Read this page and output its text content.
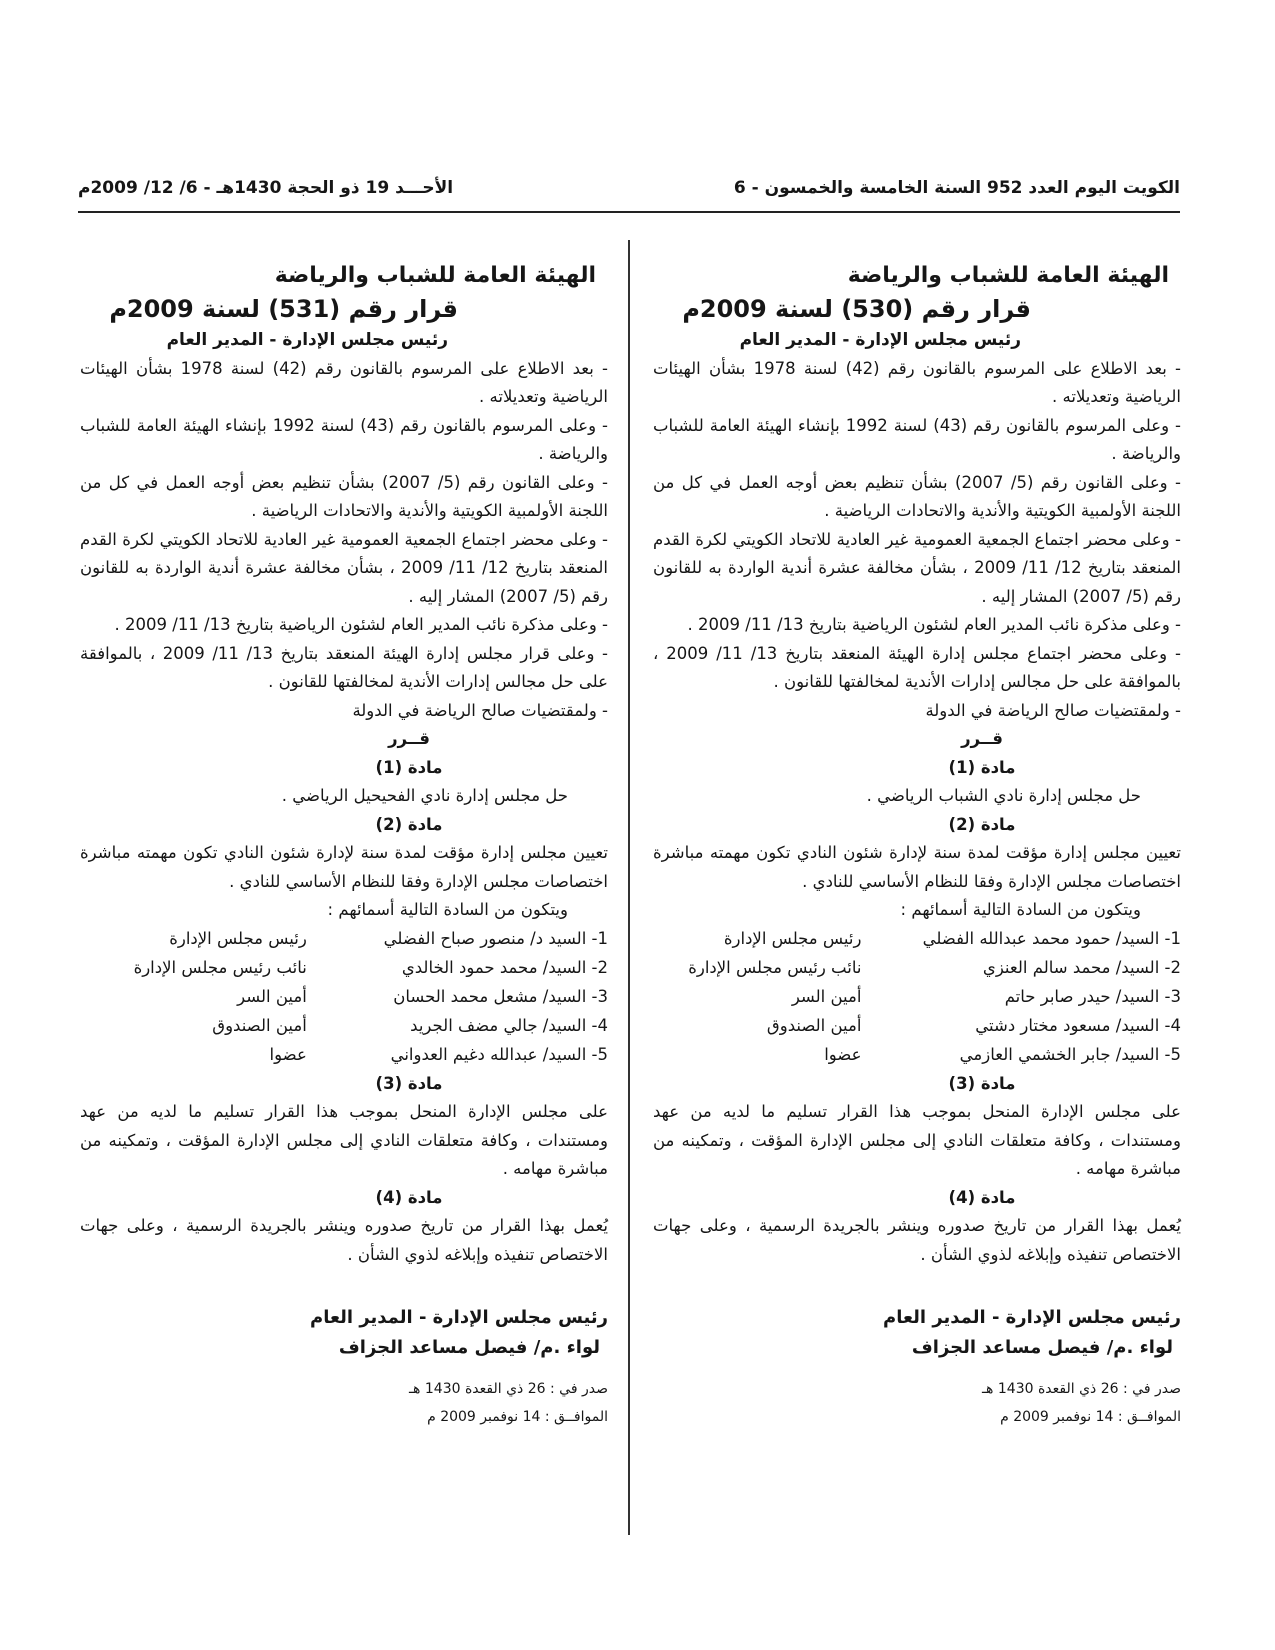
الكويت اليوم العدد 952 السنة الخامسة والخمسون - 6
الأحـــد 19 ذو الحجة 1430هـ - 6/ 12/ 2009م
الهيئة العامة للشباب والرياضة
قرار رقم (530) لسنة 2009م
رئيس مجلس الإدارة - المدير العام
- بعد الاطلاع على المرسوم بالقانون رقم (42) لسنة 1978 بشأن الهيئات الرياضية وتعديلاته .
- وعلى المرسوم بالقانون رقم (43) لسنة 1992 بإنشاء الهيئة العامة للشباب والرياضة .
- وعلى القانون رقم (5/ 2007) بشأن تنظيم بعض أوجه العمل في كل من اللجنة الأولمبية الكويتية والأندية والاتحادات الرياضية .
- وعلى محضر اجتماع الجمعية العمومية غير العادية للاتحاد الكويتي لكرة القدم المنعقد بتاريخ 12/ 11/ 2009 ، بشأن مخالفة عشرة أندية الواردة به للقانون رقم (5/ 2007) المشار إليه .
- وعلى مذكرة نائب المدير العام لشئون الرياضية بتاريخ 13/ 11/ 2009 .
- وعلى محضر اجتماع مجلس إدارة الهيئة المنعقد بتاريخ 13/ 11/ 2009 ، بالموافقة على حل مجالس إدارات الأندية لمخالفتها للقانون .
- ولمقتضيات صالح الرياضة في الدولة
قــرر
مادة (1)
حل مجلس إدارة نادي الشباب الرياضي .
مادة (2)
تعيين مجلس إدارة مؤقت لمدة سنة لإدارة شئون النادي تكون مهمته مباشرة اختصاصات مجلس الإدارة وفقا للنظام الأساسي للنادي .
ويتكون من السادة التالية أسمائهم :
1- السيد/ حمود محمد عبدالله الفضلي	رئيس مجلس الإدارة
2- السيد/ محمد سالم العنزي	نائب رئيس مجلس الإدارة
3- السيد/ حيدر صابر حاتم	أمين السر
4- السيد/ مسعود مختار دشتي	أمين الصندوق
5- السيد/ جابر الخشمي العازمي	عضوا
مادة (3)
على مجلس الإدارة المنحل بموجب هذا القرار تسليم ما لديه من عهد ومستندات ، وكافة متعلقات النادي إلى مجلس الإدارة المؤقت ، وتمكينه من مباشرة مهامه .
مادة (4)
يُعمل بهذا القرار من تاريخ صدوره وينشر بالجريدة الرسمية ، وعلى جهات الاختصاص تنفيذه وإبلاغه لذوي الشأن .
رئيس مجلس الإدارة - المدير العام
لواء .م/ فيصل مساعد الجزاف
صدر في : 26 ذي القعدة 1430 هـ
الموافــق : 14 نوفمبر 2009 م
الهيئة العامة للشباب والرياضة
قرار رقم (531) لسنة 2009م
رئيس مجلس الإدارة - المدير العام
- بعد الاطلاع على المرسوم بالقانون رقم (42) لسنة 1978 بشأن الهيئات الرياضية وتعديلاته .
- وعلى المرسوم بالقانون رقم (43) لسنة 1992 بإنشاء الهيئة العامة للشباب والرياضة .
- وعلى القانون رقم (5/ 2007) بشأن تنظيم بعض أوجه العمل في كل من اللجنة الأولمبية الكويتية والأندية والاتحادات الرياضية .
- وعلى محضر اجتماع الجمعية العمومية غير العادية للاتحاد الكويتي لكرة القدم المنعقد بتاريخ 12/ 11/ 2009 ، بشأن مخالفة عشرة أندية الواردة به للقانون رقم (5/ 2007) المشار إليه .
- وعلى مذكرة نائب المدير العام لشئون الرياضية بتاريخ 13/ 11/ 2009 .
- وعلى قرار مجلس إدارة الهيئة المنعقد بتاريخ 13/ 11/ 2009 ، بالموافقة على حل مجالس إدارات الأندية لمخالفتها للقانون .
- ولمقتضيات صالح الرياضة في الدولة
قــرر
مادة (1)
حل مجلس إدارة نادي الفحيحيل الرياضي .
مادة (2)
تعيين مجلس إدارة مؤقت لمدة سنة لإدارة شئون النادي تكون مهمته مباشرة اختصاصات مجلس الإدارة وفقا للنظام الأساسي للنادي .
ويتكون من السادة التالية أسمائهم :
1- السيد د/ منصور صباح الفضلي	رئيس مجلس الإدارة
2- السيد/ محمد حمود الخالدي	نائب رئيس مجلس الإدارة
3- السيد/ مشعل محمد الحسان	أمين السر
4- السيد/ جالي مضف الجريد	أمين الصندوق
5- السيد/ عبدالله دغيم العدواني	عضوا
مادة (3)
على مجلس الإدارة المنحل بموجب هذا القرار تسليم ما لديه من عهد ومستندات ، وكافة متعلقات النادي إلى مجلس الإدارة المؤقت ، وتمكينه من مباشرة مهامه .
مادة (4)
يُعمل بهذا القرار من تاريخ صدوره وينشر بالجريدة الرسمية ، وعلى جهات الاختصاص تنفيذه وإبلاغه لذوي الشأن .
رئيس مجلس الإدارة - المدير العام
لواء .م/ فيصل مساعد الجزاف
صدر في : 26 ذي القعدة 1430 هـ
الموافــق : 14 نوفمبر 2009 م
